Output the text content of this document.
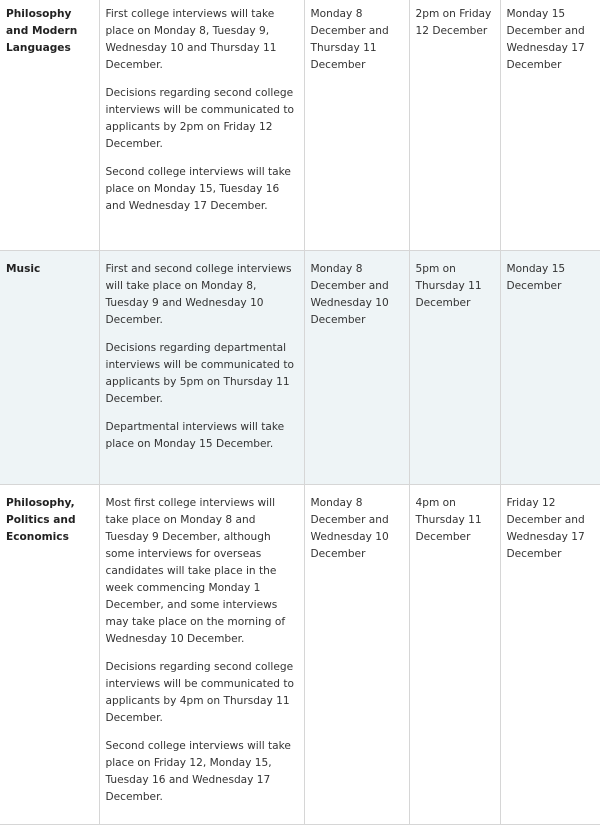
Philosophy and Modern Languages	First college interviews will take place on Monday 8, Tuesday 9, Wednesday 10 and Thursday 11 December.

Decisions regarding second college interviews will be communicated to applicants by 2pm on Friday 12 December.

Second college interviews will take place on Monday 15, Tuesday 16 and Wednesday 17 December.	Monday 8 December and Thursday 11 December	2pm on Friday 12 December	Monday 15 December and Wednesday 17 December
Music	First and second college interviews will take place on Monday 8, Tuesday 9 and Wednesday 10 December.

Decisions regarding departmental interviews will be communicated to applicants by 5pm on Thursday 11 December.

Departmental interviews will take place on Monday 15 December.	Monday 8 December and Wednesday 10 December	5pm on Thursday 11 December	Monday 15 December
Philosophy, Politics and Economics	Most first college interviews will take place on Monday 8 and Tuesday 9 December, although some interviews for overseas candidates will take place in the week commencing Monday 1 December, and some interviews may take place on the morning of Wednesday 10 December.

Decisions regarding second college interviews will be communicated to applicants by 4pm on Thursday 11 December.

Second college interviews will take place on Friday 12, Monday 15, Tuesday 16 and Wednesday 17 December.	Monday 8 December and Wednesday 10 December	4pm on Thursday 11 December	Friday 12 December and Wednesday 17 December
